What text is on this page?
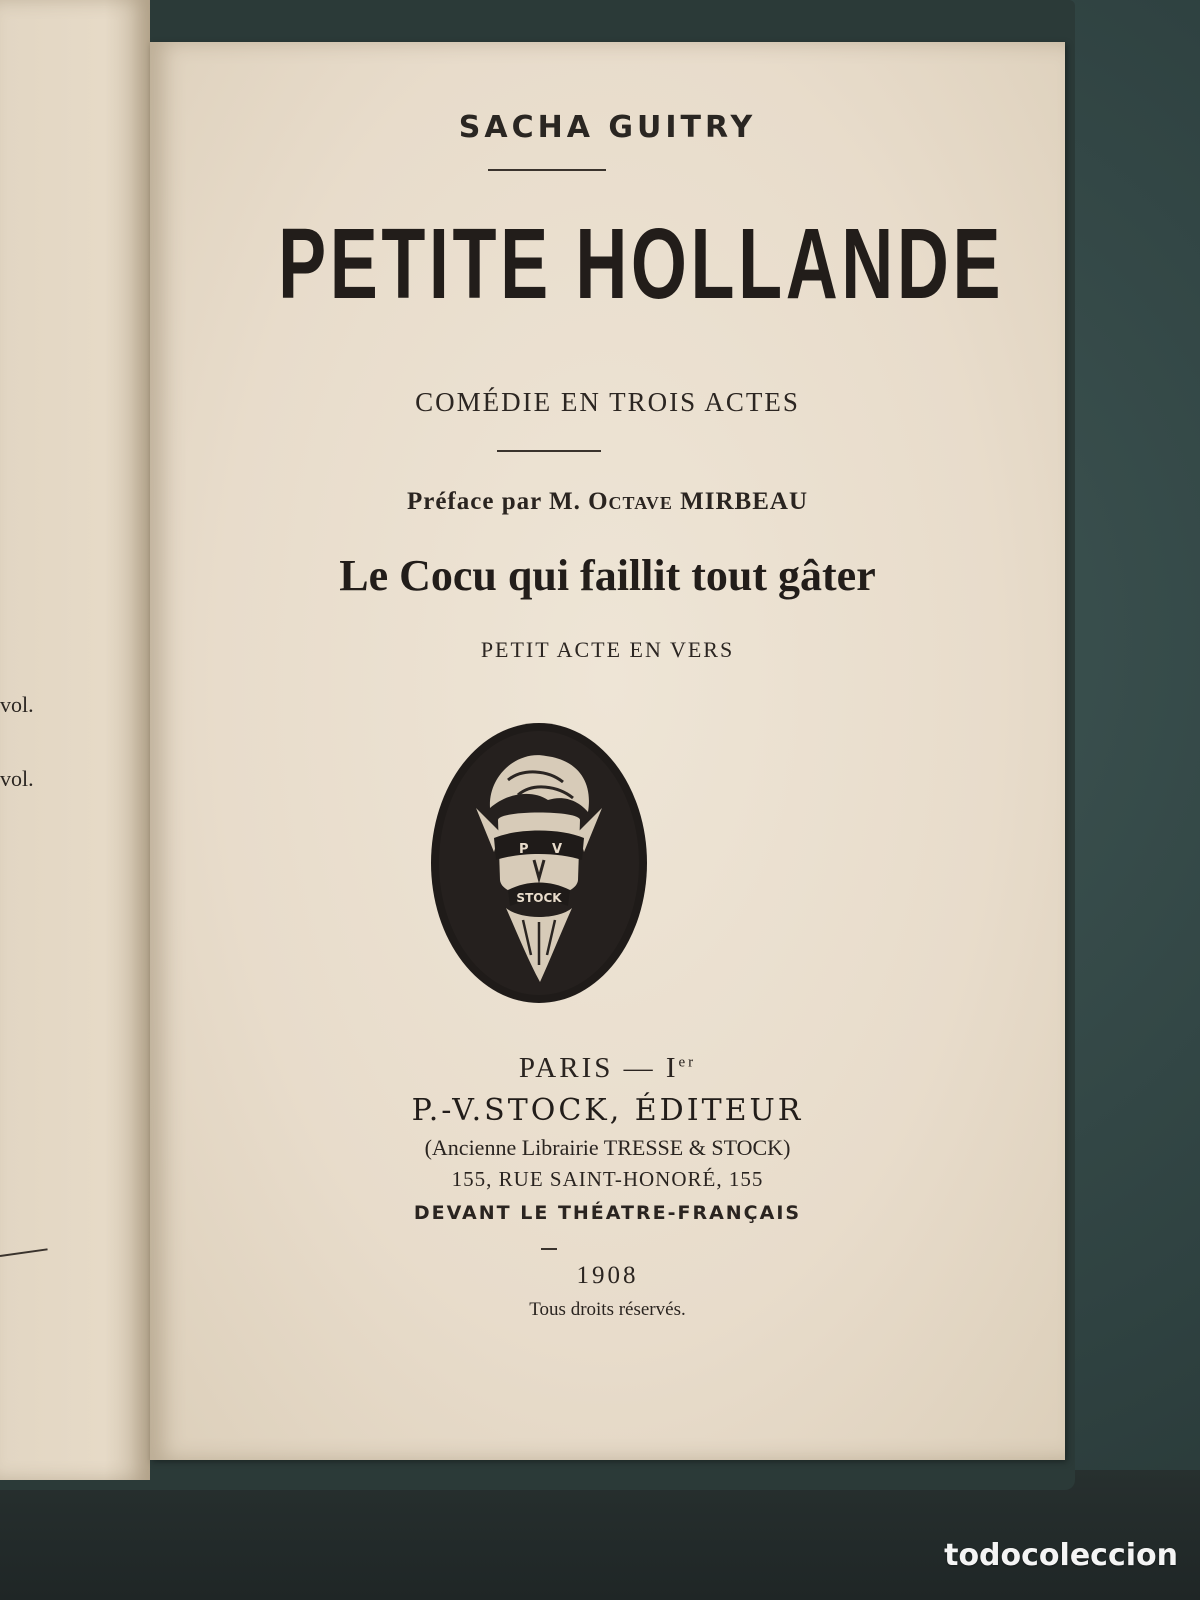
vol.
vol.
SACHA GUITRY
PETITE HOLLANDE
COMÉDIE EN TROIS ACTES
Préface par M. Octave MIRBEAU
Le Cocu qui faillit tout gâter
PETIT ACTE EN VERS
P V
STOCK
PARIS — Ier
P.-V.STOCK, ÉDITEUR
(Ancienne Librairie TRESSE & STOCK)
155, RUE SAINT-HONORÉ, 155
DEVANT LE THÉATRE-FRANÇAIS
1908
Tous droits réservés.
todocoleccion
